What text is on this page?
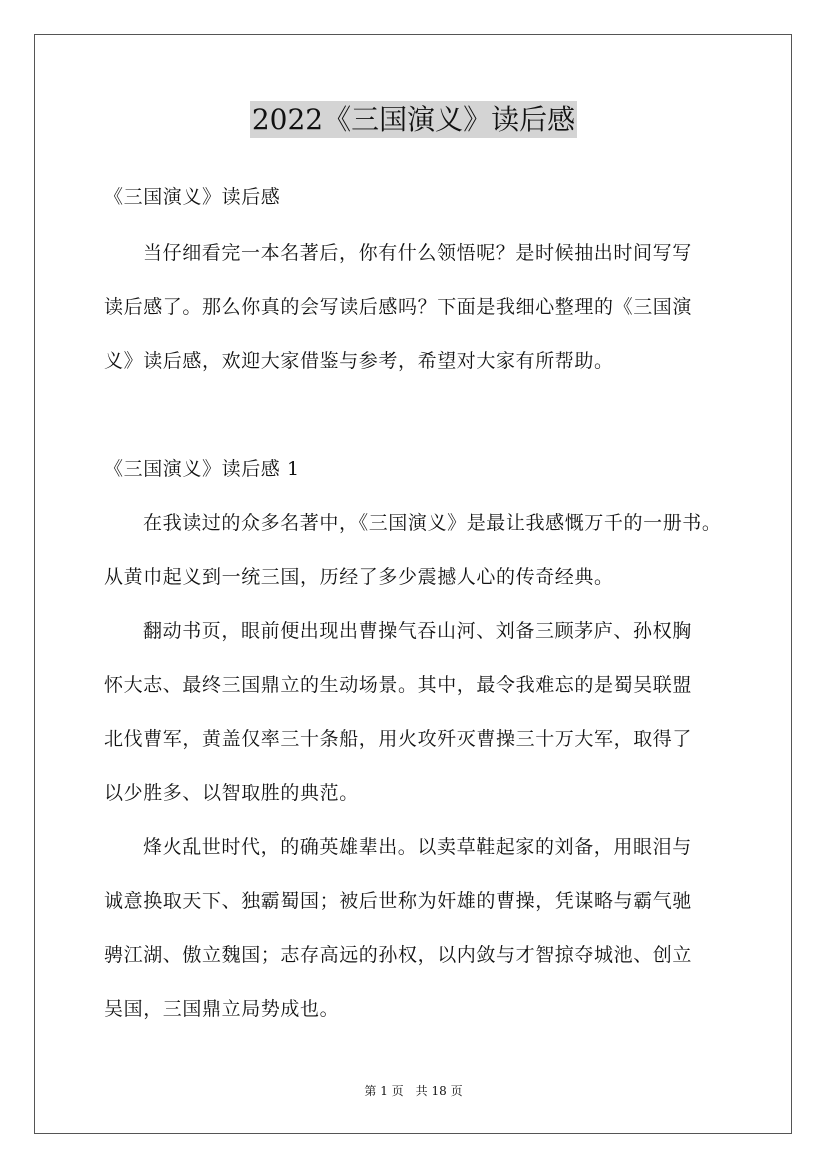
2022《三国演义》读后感
《三国演义》读后感
当仔细看完一本名著后，你有什么领悟呢？是时候抽出时间写写
读后感了。那么你真的会写读后感吗？下面是我细心整理的《三国演
义》读后感，欢迎大家借鉴与参考，希望对大家有所帮助。
《三国演义》读后感 1
在我读过的众多名著中，《三国演义》是最让我感慨万千的一册书。
从黄巾起义到一统三国，历经了多少震撼人心的传奇经典。
翻动书页，眼前便出现出曹操气吞山河、刘备三顾茅庐、孙权胸
怀大志、最终三国鼎立的生动场景。其中，最令我难忘的是蜀吴联盟
北伐曹军，黄盖仅率三十条船，用火攻歼灭曹操三十万大军，取得了
以少胜多、以智取胜的典范。
烽火乱世时代，的确英雄辈出。以卖草鞋起家的刘备，用眼泪与
诚意换取天下、独霸蜀国；被后世称为奸雄的曹操，凭谋略与霸气驰
骋江湖、傲立魏国；志存高远的孙权，以内敛与才智掠夺城池、创立
吴国，三国鼎立局势成也。
第 1 页　共 18 页
